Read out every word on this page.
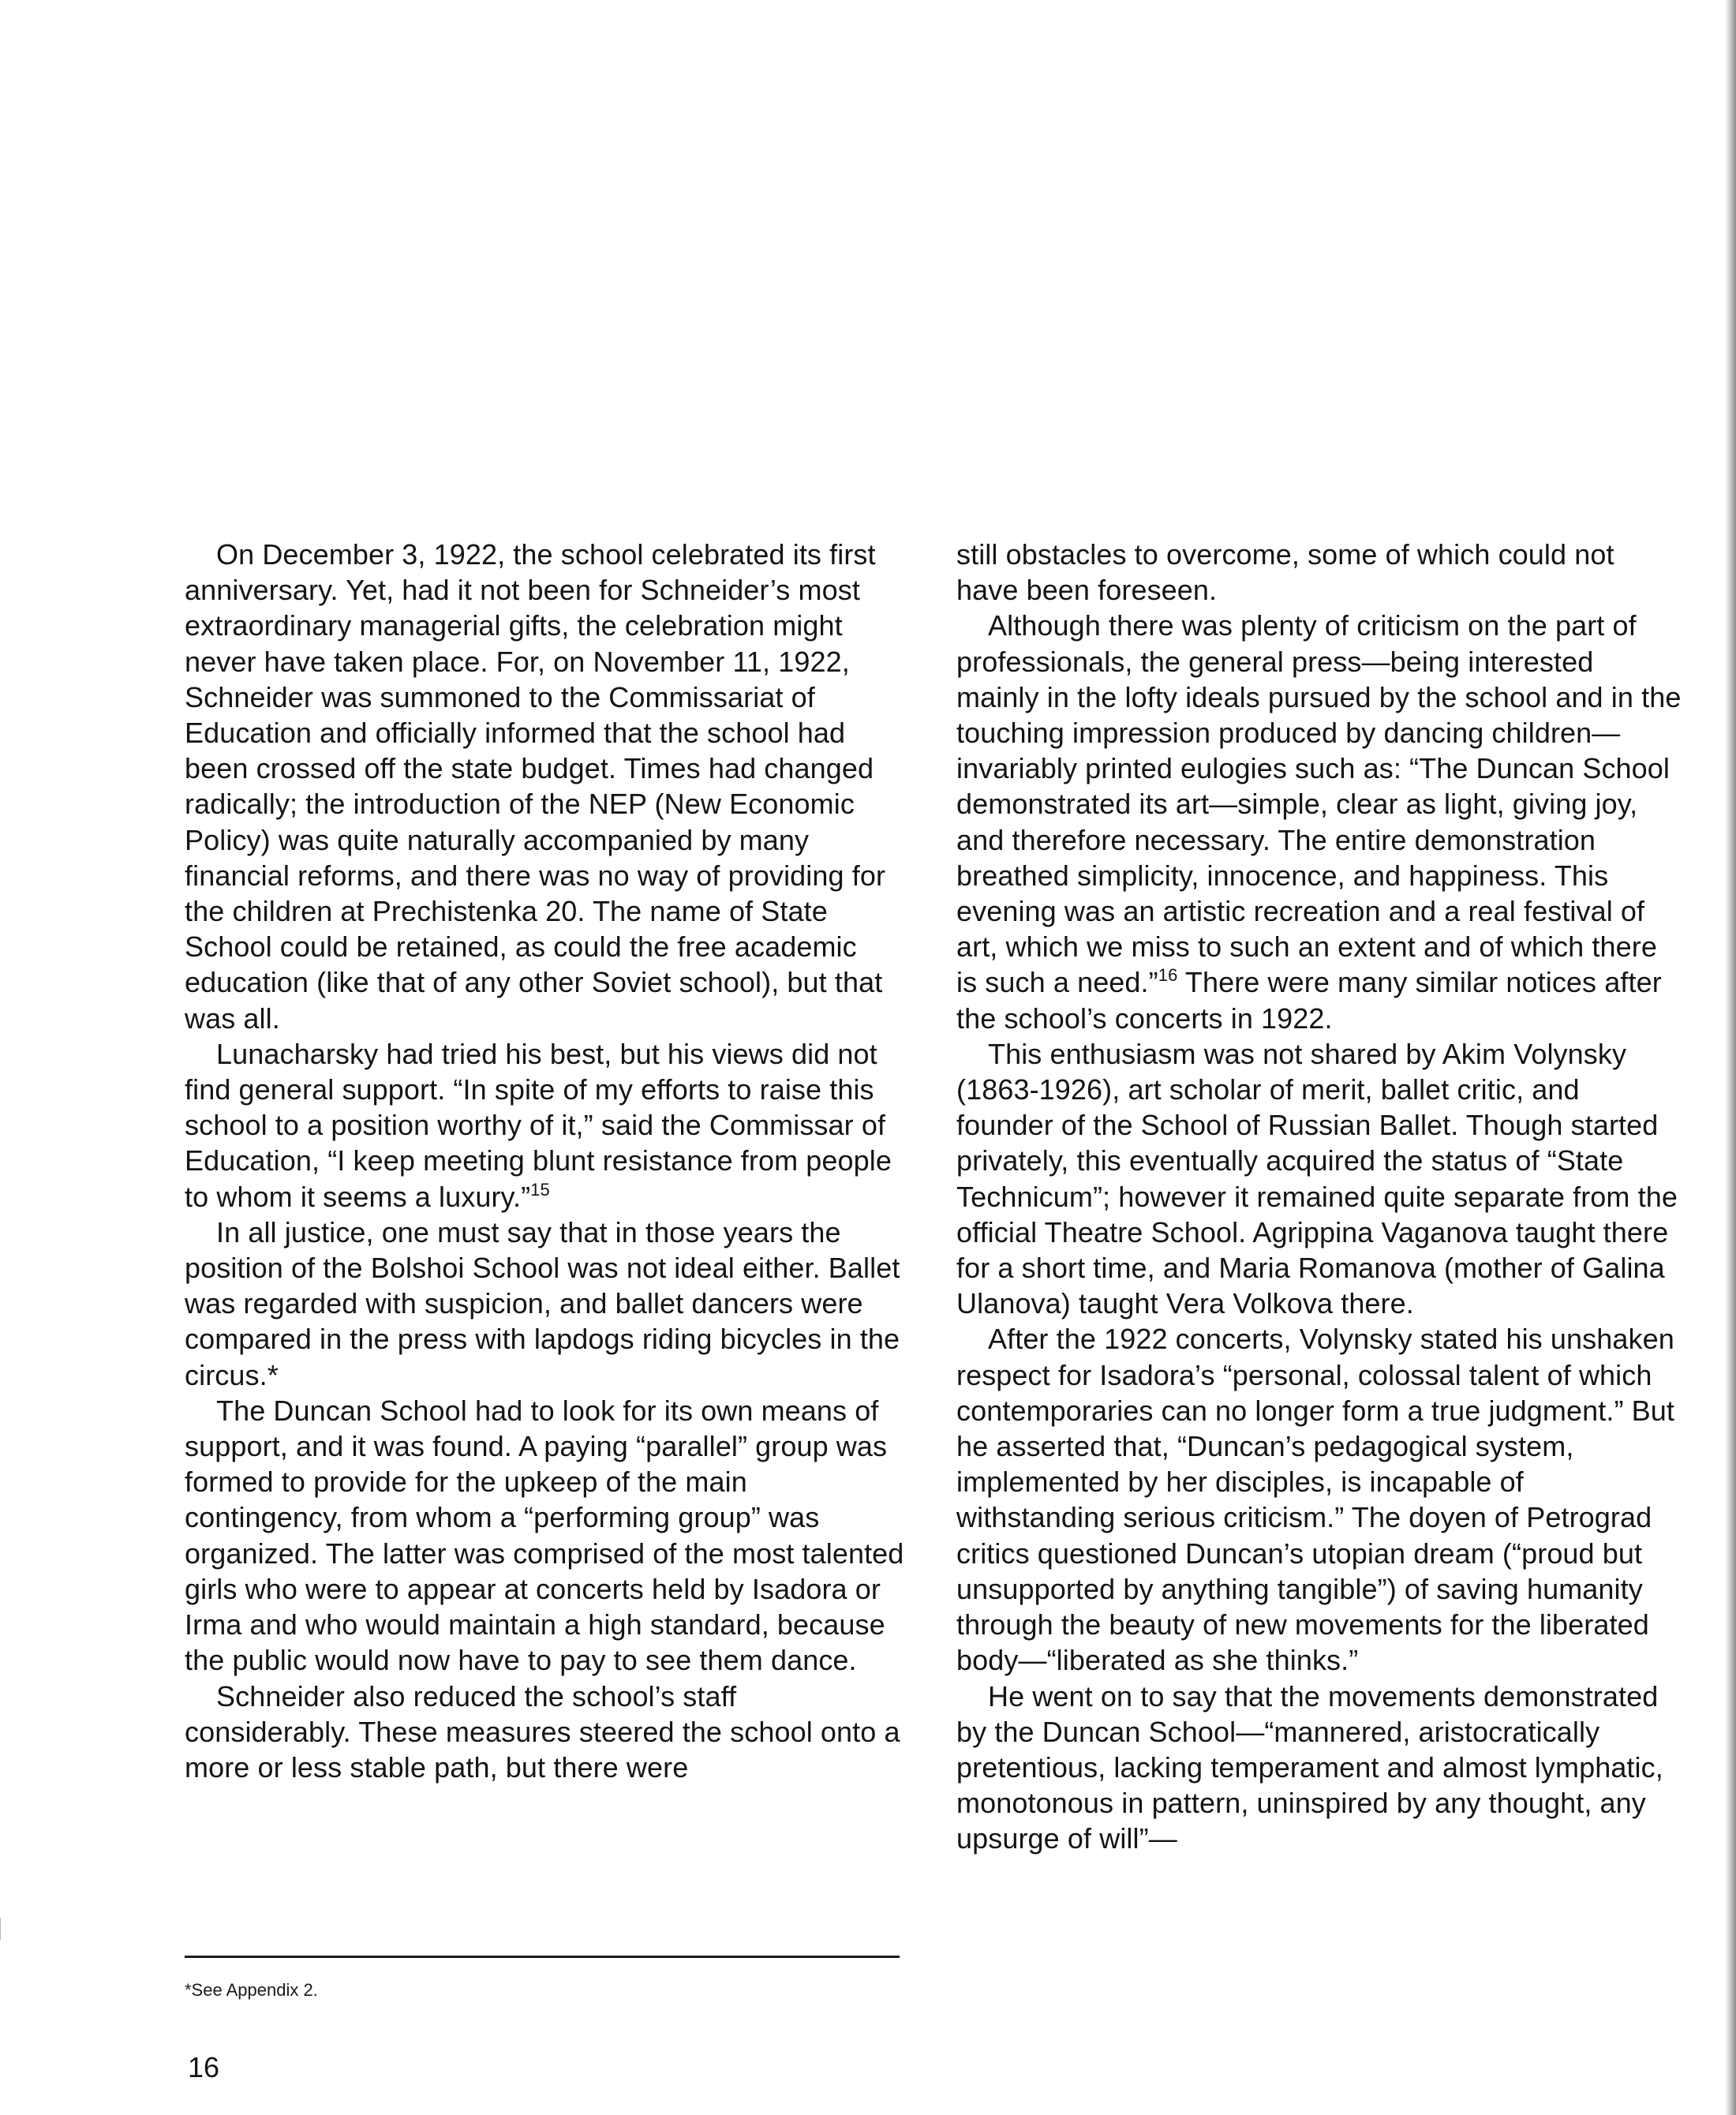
On December 3, 1922, the school celebrated its first anniversary. Yet, had it not been for Schneider’s most extraordinary managerial gifts, the celebration might never have taken place. For, on November 11, 1922, Schneider was summoned to the Commissariat of Education and officially informed that the school had been crossed off the state budget. Times had changed radically; the introduction of the NEP (New Economic Policy) was quite naturally accompanied by many financial reforms, and there was no way of providing for the children at Prechistenka 20. The name of State School could be retained, as could the free academic education (like that of any other Soviet school), but that was all.

Lunacharsky had tried his best, but his views did not find general support. “In spite of my efforts to raise this school to a position worthy of it,” said the Commissar of Education, “I keep meeting blunt resistance from people to whom it seems a luxury.”$^{15}$

In all justice, one must say that in those years the position of the Bolshoi School was not ideal either. Ballet was regarded with suspicion, and ballet dancers were compared in the press with lapdogs riding bicycles in the circus.*

The Duncan School had to look for its own means of support, and it was found. A paying “parallel” group was formed to provide for the upkeep of the main contingency, from whom a “performing group” was organized. The latter was comprised of the most talented girls who were to appear at concerts held by Isadora or Irma and who would maintain a high standard, because the public would now have to pay to see them dance.

Schneider also reduced the school’s staff considerably. These measures steered the school onto a more or less stable path, but there were

still obstacles to overcome, some of which could not have been foreseen.

Although there was plenty of criticism on the part of professionals, the general press—being interested mainly in the lofty ideals pursued by the school and in the touching impression produced by dancing children—invariably printed eulogies such as: “The Duncan School demonstrated its art—simple, clear as light, giving joy, and therefore necessary. The entire demonstration breathed simplicity, innocence, and happiness. This evening was an artistic recreation and a real festival of art, which we miss to such an extent and of which there is such a need.”$^{16}$ There were many similar notices after the school’s concerts in 1922.

This enthusiasm was not shared by Akim Volynsky (1863-1926), art scholar of merit, ballet critic, and founder of the School of Russian Ballet. Though started privately, this eventually acquired the status of “State Technicum”; however it remained quite separate from the official Theatre School. Agrippina Vaganova taught there for a short time, and Maria Romanova (mother of Galina Ulanova) taught Vera Volkova there.

After the 1922 concerts, Volynsky stated his unshaken respect for Isadora’s “personal, colossal talent of which contemporaries can no longer form a true judgment.” But he asserted that, “Duncan’s pedagogical system, implemented by her disciples, is incapable of withstanding serious criticism.” The doyen of Petrograd critics questioned Duncan’s utopian dream (“proud but unsupported by anything tangible”) of saving humanity through the beauty of new movements for the liberated body—“liberated as she thinks.”

He went on to say that the movements demonstrated by the Duncan School—“mannered, aristocratically pretentious, lacking temperament and almost lymphatic, monotonous in pattern, uninspired by any thought, any upsurge of will”—

*See Appendix 2.
16
